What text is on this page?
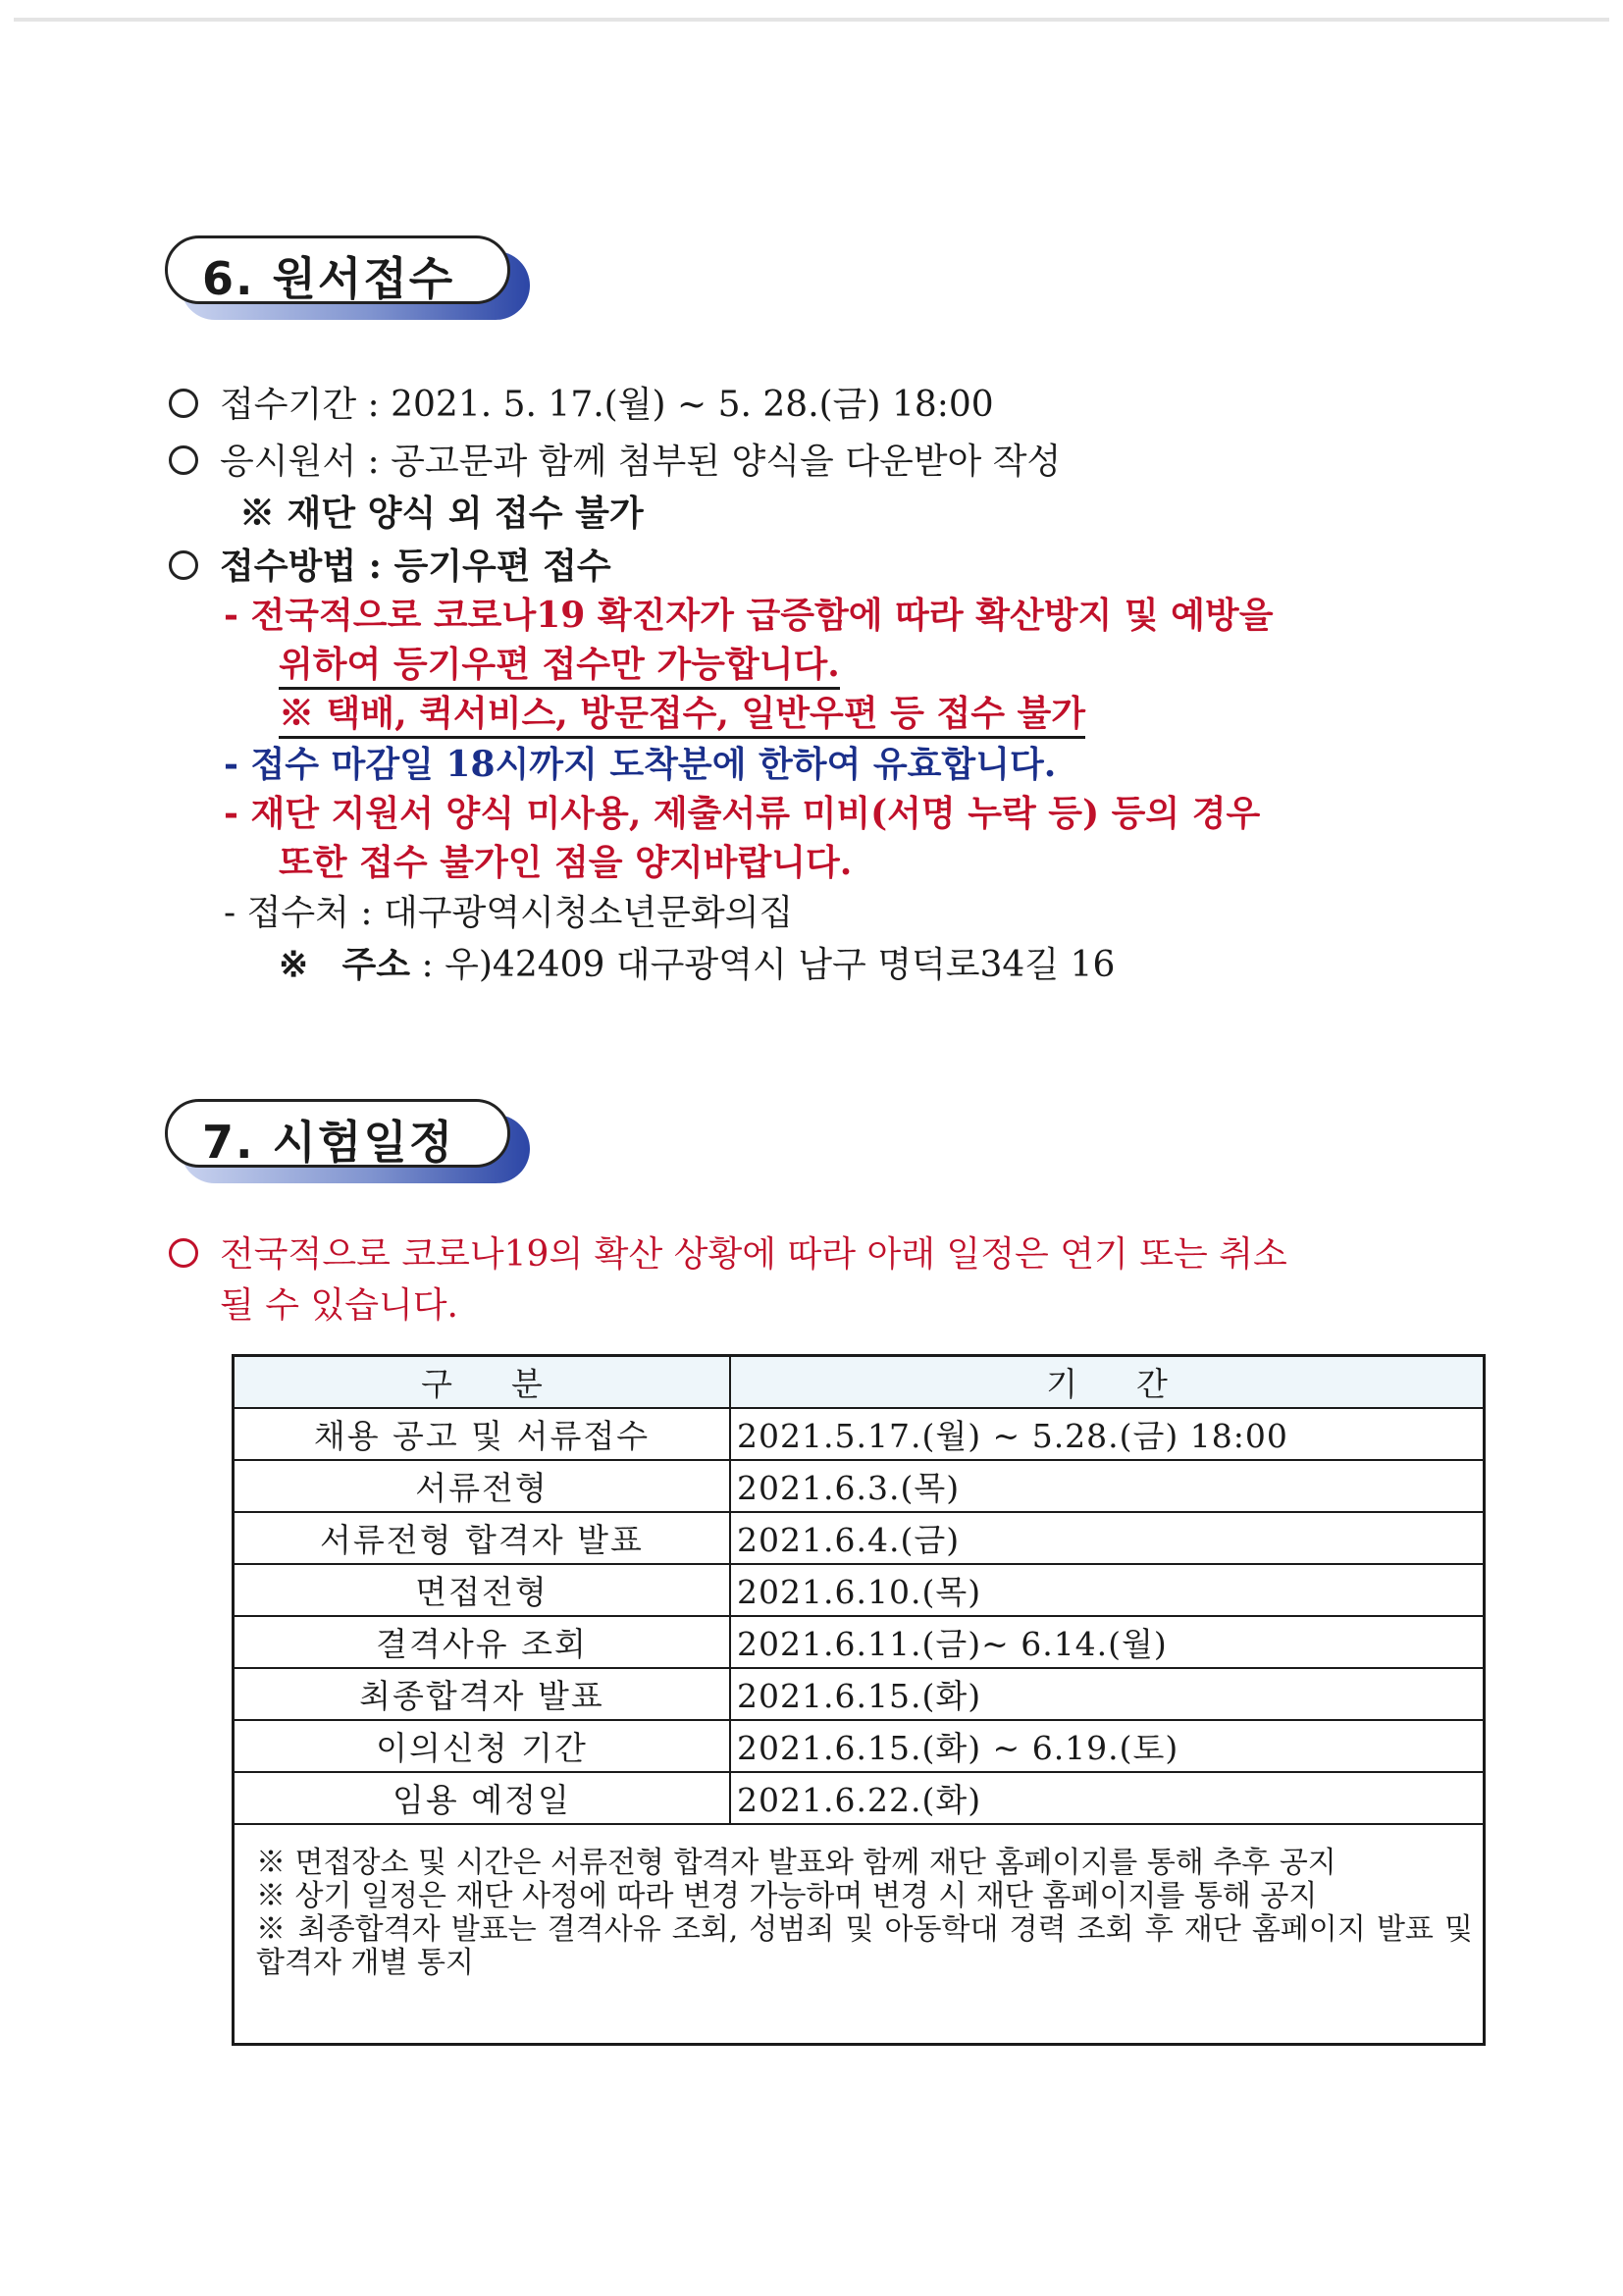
6. 원서접수
접수기간 : 2021. 5. 17.(월) ~ 5. 28.(금) 18:00
응시원서 : 공고문과 함께 첨부된 양식을 다운받아 작성
※ 재단 양식 외 접수 불가
접수방법 : 등기우편 접수
- 전국적으로 코로나19 확진자가 급증함에 따라 확산방지 및 예방을
위하여 등기우편 접수만 가능합니다.
※ 택배, 퀵서비스, 방문접수, 일반우편 등 접수 불가
- 접수 마감일 18시까지 도착분에 한하여 유효합니다.
- 재단 지원서 양식 미사용, 제출서류 미비(서명 누락 등) 등의 경우
또한 접수 불가인 점을 양지바랍니다.
- 접수처 : 대구광역시청소년문화의집
※ 주소 : 우)42409 대구광역시 남구 명덕로34길 16
7. 시험일정
전국적으로 코로나19의 확산 상황에 따라 아래 일정은 연기 또는 취소
될 수 있습니다.
구분	기간
채용 공고 및 서류접수	2021.5.17.(월) ~ 5.28.(금) 18:00
서류전형	2021.6.3.(목)
서류전형 합격자 발표	2021.6.4.(금)
면접전형	2021.6.10.(목)
결격사유 조회	2021.6.11.(금)~ 6.14.(월)
최종합격자 발표	2021.6.15.(화)
이의신청 기간	2021.6.15.(화) ~ 6.19.(토)
임용 예정일	2021.6.22.(화)

※ 면접장소 및 시간은 서류전형 합격자 발표와 함께 재단 홈페이지를 통해 추후 공지
※ 상기 일정은 재단 사정에 따라 변경 가능하며 변경 시 재단 홈페이지를 통해 공지
※ 최종합격자 발표는 결격사유 조회, 성범죄 및 아동학대 경력 조회 후 재단 홈페이지 발표 및 합격자 개별 통지	
